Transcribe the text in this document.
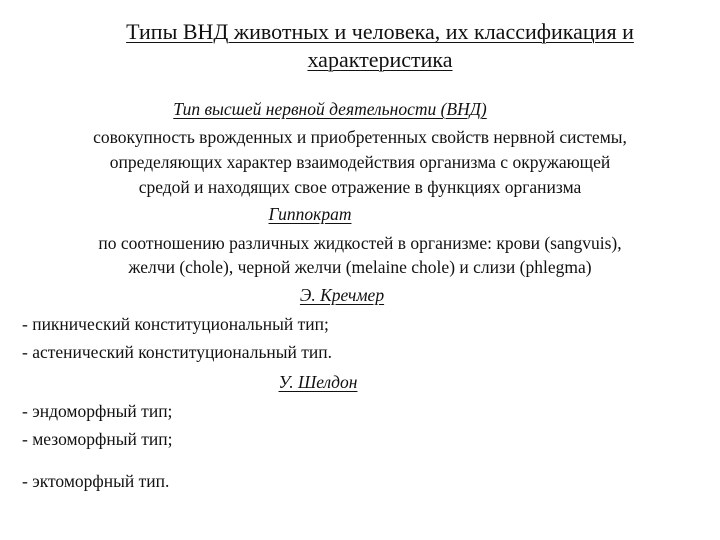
Типы ВНД животных и человека, их классификация и характеристика
Тип высшей нервной деятельности (ВНД)
совокупность врожденных и приобретенных свойств нервной системы,
определяющих характер взаимодействия организма с окружающей
средой и находящих свое отражение в функциях организма
Гиппократ
по соотношению различных жидкостей в организме: крови (sangvuis),
желчи (chole), черной желчи (melaine chole) и слизи (phlegma)
Э. Кречмер
- пикнический конституциональный тип;
- астенический конституциональный тип.
У. Шелдон
- эндоморфный тип;
- мезоморфный тип;
- эктоморфный тип.
